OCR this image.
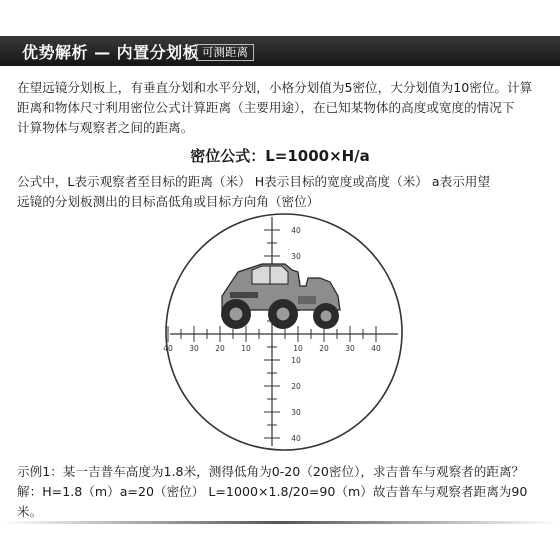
优势解析 — 内置分划板 可测距离
在望远镜分划板上，有垂直分划和水平分划，小格分划值为5密位，大分划值为10密位。计算
距离和物体尺寸利用密位公式计算距离（主要用途），在已知某物体的高度或宽度的情况下
计算物体与观察者之间的距离。
密位公式：L=1000×H/a
公式中，L表示观察者至目标的距离（米） H表示目标的宽度或高度（米） a表示用望
远镜的分划板测出的目标高低角或目标方向角（密位）
40 30 20 10	10 20 30 40
40
30
10
20
30
40
示例1：某一吉普车高度为1.8米，测得低角为0-20（20密位），求吉普车与观察者的距离？
解：H=1.8（m）a=20（密位） L=1000×1.8/20=90（m）故吉普车与观察者距离为90米。
